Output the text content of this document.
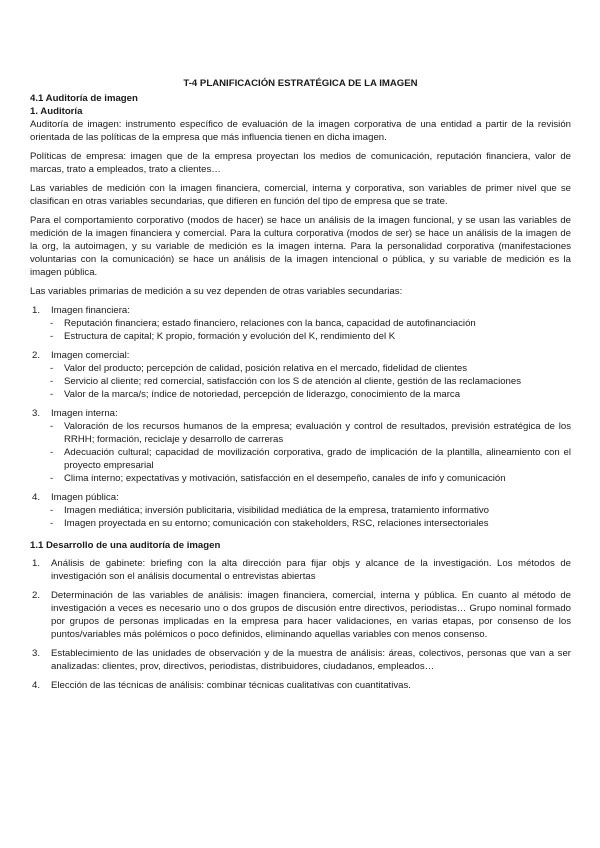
T-4 PLANIFICACIÓN ESTRATÉGICA DE LA IMAGEN
4.1 Auditoría de imagen
1. Auditoría

Auditoría de imagen: instrumento específico de evaluación de la imagen corporativa de una entidad a partir de la revisión orientada de las políticas de la empresa que más influencia tienen en dicha imagen.

Políticas de empresa: imagen que de la empresa proyectan los medios de comunicación, reputación financiera, valor de marcas, trato a empleados, trato a clientes…

Las variables de medición con la imagen financiera, comercial, interna y corporativa, son variables de primer nivel que se clasifican en otras variables secundarias, que difieren en función del tipo de empresa que se trate.

Para el comportamiento corporativo (modos de hacer) se hace un análisis de la imagen funcional, y se usan las variables de medición de la imagen financiera y comercial. Para la cultura corporativa (modos de ser) se hace un análisis de la imagen de la org, la autoimagen, y su variable de medición es la imagen interna. Para la personalidad corporativa (manifestaciones voluntarias con la comunicación) se hace un análisis de la imagen intencional o pública, y su variable de medición es la imagen pública.

Las variables primarias de medición a su vez dependen de otras variables secundarias:

1. Imagen financiera:
- Reputación financiera; estado financiero, relaciones con la banca, capacidad de autofinanciación
- Estructura de capital; K propio, formación y evolución del K, rendimiento del K
2. Imagen comercial:
- Valor del producto; percepción de calidad, posición relativa en el mercado, fidelidad de clientes
- Servicio al cliente; red comercial, satisfacción con los S de atención al cliente, gestión de las reclamaciones
- Valor de la marca/s; índice de notoriedad, percepción de liderazgo, conocimiento de la marca
3. Imagen interna:
- Valoración de los recursos humanos de la empresa; evaluación y control de resultados, previsión estratégica de los RRHH; formación, reciclaje y desarrollo de carreras
- Adecuación cultural; capacidad de movilización corporativa, grado de implicación de la plantilla, alineamiento con el proyecto empresarial
- Clima interno; expectativas y motivación, satisfacción en el desempeño, canales de info y comunicación
4. Imagen pública:
- Imagen mediática; inversión publicitaria, visibilidad mediática de la empresa, tratamiento informativo
- Imagen proyectada en su entorno; comunicación con stakeholders, RSC, relaciones intersectoriales
1.1 Desarrollo de una auditoría de imagen
1. Análisis de gabinete: briefing con la alta dirección para fijar objs y alcance de la investigación. Los métodos de investigación son el análisis documental o entrevistas abiertas

2. Determinación de las variables de análisis: imagen financiera, comercial, interna y pública. En cuanto al método de investigación a veces es necesario uno o dos grupos de discusión entre directivos, periodistas… Grupo nominal formado por grupos de personas implicadas en la empresa para hacer validaciones, en varias etapas, por consenso de los puntos/variables más polémicos o poco definidos, eliminando aquellas variables con menos consenso.

3. Establecimiento de las unidades de observación y de la muestra de análisis: áreas, colectivos, personas que van a ser analizadas: clientes, prov, directivos, periodistas, distribuidores, ciudadanos, empleados…

4. Elección de las técnicas de análisis: combinar técnicas cualitativas con cuantitativas.
